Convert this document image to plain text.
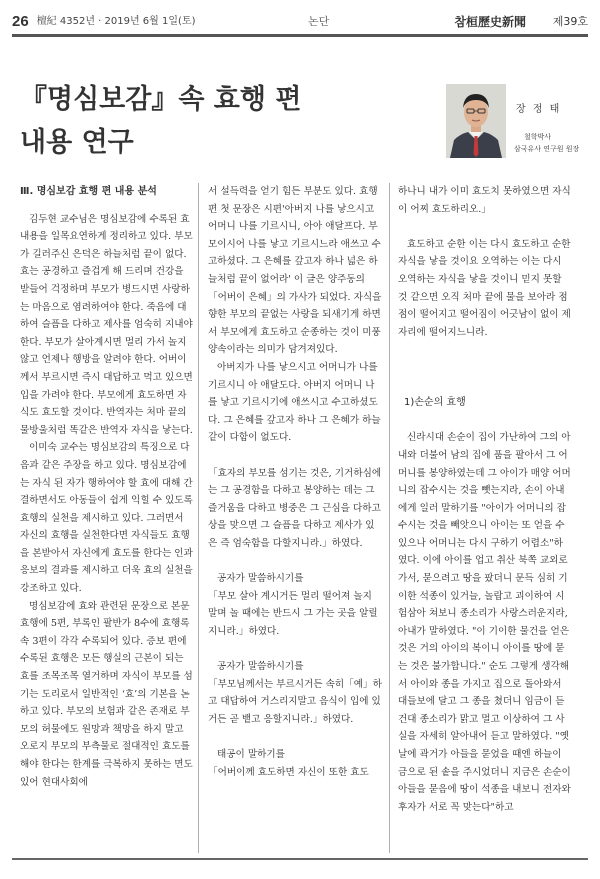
26 檀紀 4352년 · 2019년 6월 1일(토)	논단	참桓歷史新聞 제39호
『명심보감』속 효행 편
내용 연구
장 정 태
철학박사
삼국유사 연구원 원장
Ⅲ. 명심보감 효행 편 내용 분석

김두현 교수님은 명심보감에 수록된 효 내용을 일목요연하게 정리하고 있다. 부모가 길러주신 은덕은 하늘처럼 끝이 없다. 효는 공경하고 즐겁게 해 드리며 건강을 받들어 걱정하며 부모가 병드시면 사랑하는 마음으로 염려하여야 한다. 죽음에 대하여 슬픔을 다하고 제사를 엄숙히 지내야 한다. 부모가 살아계시면 멀리 가서 놀지 않고 언제나 행방을 알려야 한다. 어버이께서 부르시면 즉시 대답하고 먹고 있으면 입을 가려야 한다. 부모에게 효도하면 자식도 효도할 것이다. 반역자는 처마 끝의 물방울처럼 똑같은 반역자 자식을 낳는다.

이미숙 교수는 명심보감의 특징으로 다음과 같은 주장을 하고 있다. 명심보감에는 자식 된 자가 행하여야 할 효에 대해 간결하면서도 아동들이 쉽게 익힐 수 있도록 효행의 실천을 제시하고 있다. 그러면서 자신의 효행을 실천한다면 자식들도 효행을 본받아서 자신에게 효도를 한다는 인과응보의 결과를 제시하고 더욱 효의 실천을 강조하고 있다.

명심보감에 효와 관련된 문장으로 본문 효행에 5편, 부록인 팔반가 8수에 효행록 속 3편이 각각 수록되어 있다. 증보 편에 수록된 효행은 모든 행실의 근본이 되는 효를 조목조목 열거하며 자식이 부모를 섬기는 도리로서 일반적인 ‘효’의 기본을 논하고 있다. 부모의 보험과 같은 존재로 부모의 허물에도 원망과 책망을 하지 말고 오로지 부모의 부측물로 절대적인 효도를 해야 한다는 한계를 극복하지 못하는 면도 있어 현대사회에

서 설득력을 얻기 힘든 부분도 있다. 효행 편 첫 문장은 시편'아버지 나를 낳으시고 어머니 나를 기르시니, 아아 애달프다. 부모이시어 나를 낳고 기르시느라 애쓰고 수고하셨다. 그 은혜를 갚고자 하나 넓은 하늘처럼 끝이 없어라' 이 글은 양주동의 「어버이 은혜」의 가사가 되었다. 자식을 향한 부모의 끝없는 사랑을 되새기게 하면서 부모에게 효도하고 순종하는 것이 미풍양속이라는 의미가 담겨져있다.

아버지가 나를 낳으시고 어머니가 나를 기르시니 아 애달도다. 아버지 어머니 나를 낳고 기르시기에 애쓰시고 수고하셨도다. 그 은혜를 갚고자 하나 그 은혜가 하늘 같이 다함이 없도다.

「효자의 부모를 섬기는 것은, 기거하심에는 그 공경함을 다하고 봉양하는 데는 그 즐거움을 다하고 병중은 그 근심을 다하고 상을 맞으면 그 슬픔을 다하고 제사가 있은 즉 엄숙함을 다할지니라.」하였다.

공자가 말씀하시기를

「부모 살아 계시거든 멀리 떨어져 놀지 말며 놀 때에는 반드시 그 가는 곳을 알릴지니라.」하였다.

공자가 말씀하시기를

「부모님께서는 부르시거든 속히「예」하고 대답하여 거스리지말고 음식이 입에 있거든 곧 뱉고 응할지니라.」하였다.

태공이 말하기를

「어버이께 효도하면 자신이 또한 효도

하나니 내가 이미 효도치 못하였으면 자식이 어찌 효도하리오.」

효도하고 순한 이는 다시 효도하고 순한 자식을 낳을 것이요 오역하는 이는 다시 오역하는 자식을 낳을 것이니 믿지 못할 것 같으면 오직 처마 끝에 물을 보아라 점점이 떨어지고 떨어짐이 어긋남이 없이 제자리에 떨어지느니라.

1)손순의 효행

신라시대 손순이 집이 가난하여 그의 아내와 더불어 남의 집에 품을 팔아서 그 어머니를 봉양하였는데 그 아이가 매양 어머니의 잡수시는 것을 뺏는지라, 손이 아내에게 일러 말하기를 "아이가 어머니의 잡수시는 것을 빼앗으니 아이는 또 얻을 수 있으나 어머니는 다시 구하기 어렵소"하였다. 이에 아이를 업고 취산 북쪽 교외로 가서, 묻으려고 땅을 팠더니 문득 심히 기이한 석종이 있거늘, 놀랍고 괴이하여 시험삼아 쳐보니 종소리가 사랑스러운지라, 아내가 말하였다. "이 기이한 물건을 얻은 것은 거의 아이의 복이니 아이를 땅에 묻는 것은 불가합니다." 순도 그렇게 생각해서 아이와 종을 가지고 집으로 돌아와서 대들보에 달고 그 종을 쳤더니 임금이 듣건대 종소리가 맑고 멀고 이상하여 그 사실을 자세히 알아내어 듣고 말하였다. "옛날에 곽거가 아들을 묻었을 때엔 하늘이 금으로 된 솥을 주시었더니 지금은 손순이 아들을 묻음에 땅이 석종을 내보니 전자와 후자가 서로 꼭 맞는다"하고
